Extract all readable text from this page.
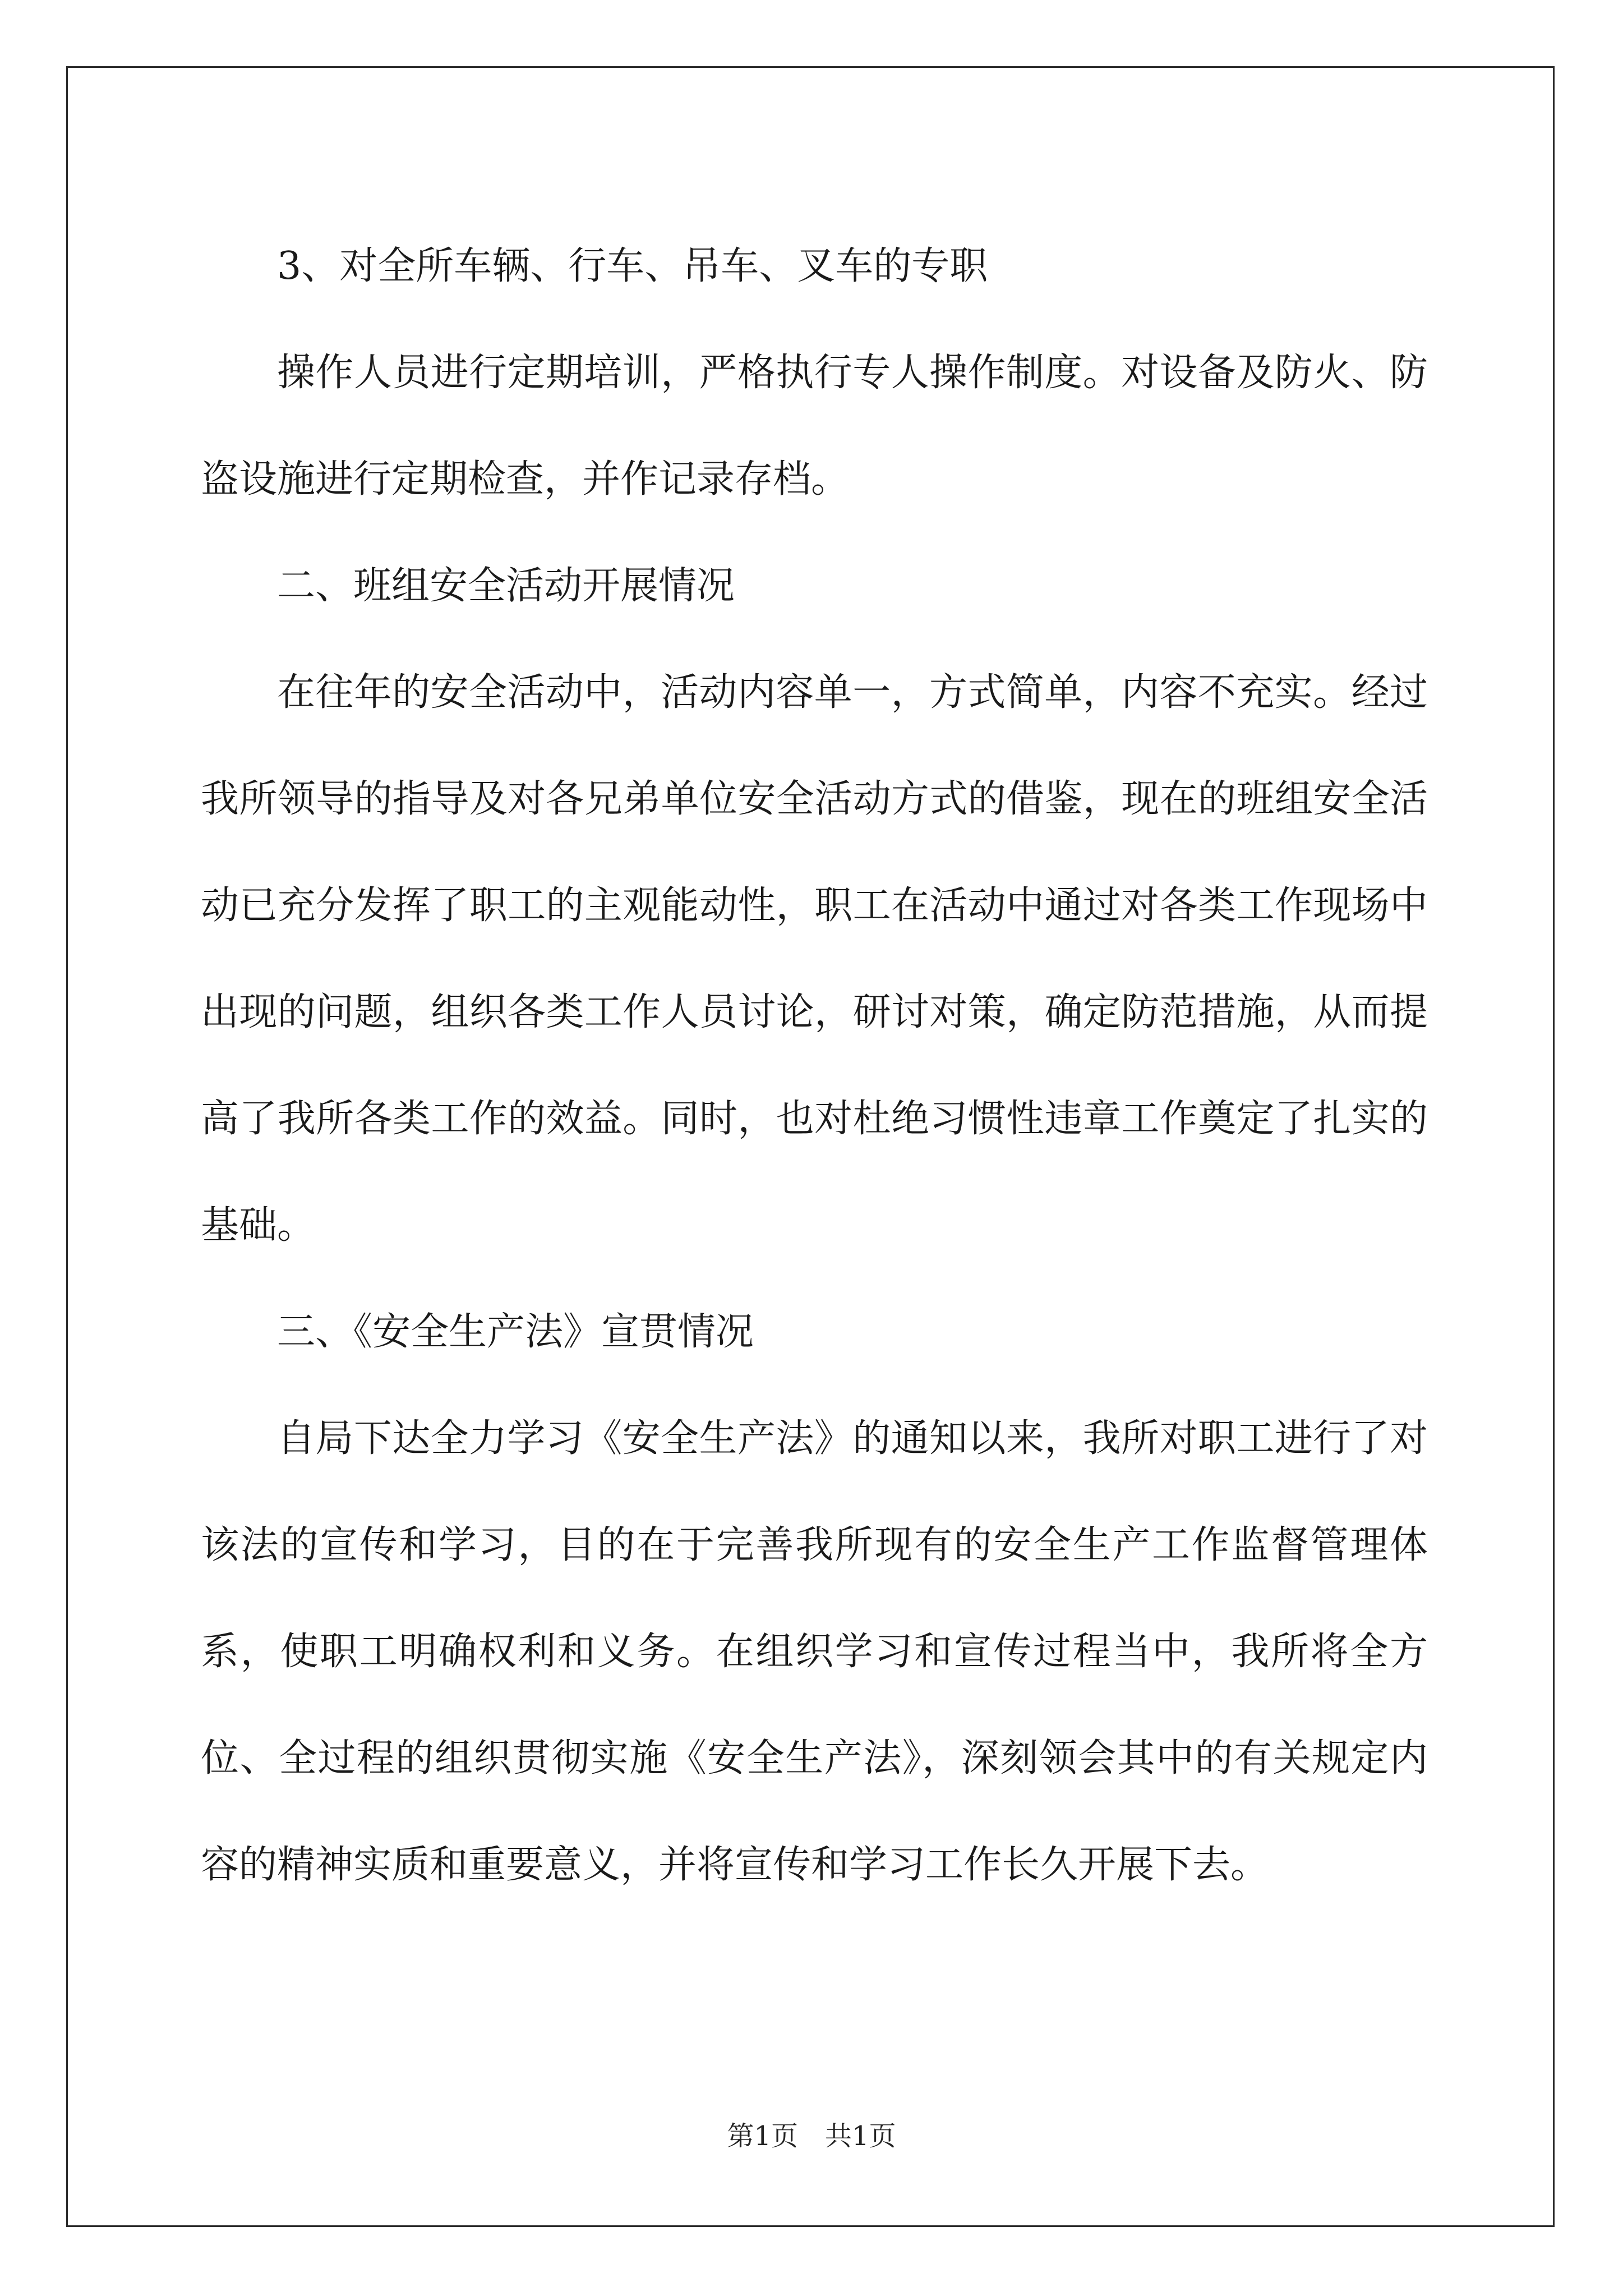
3、对全所车辆、行车、吊车、叉车的专职

操作人员进行定期培训，严格执行专人操作制度。对设备及防火、防盗设施进行定期检查，并作记录存档。

二、班组安全活动开展情况

在往年的安全活动中，活动内容单一，方式简单，内容不充实。经过我所领导的指导及对各兄弟单位安全活动方式的借鉴，现在的班组安全活动已充分发挥了职工的主观能动性，职工在活动中通过对各类工作现场中出现的问题，组织各类工作人员讨论，研讨对策，确定防范措施，从而提高了我所各类工作的效益。同时，也对杜绝习惯性违章工作奠定了扎实的基础。

三、《安全生产法》宣贯情况

自局下达全力学习《安全生产法》的通知以来，我所对职工进行了对该法的宣传和学习，目的在于完善我所现有的安全生产工作监督管理体系，使职工明确权利和义务。在组织学习和宣传过程当中，我所将全方位、全过程的组织贯彻实施《安全生产法》，深刻领会其中的有关规定内容的精神实质和重要意义，并将宣传和学习工作长久开展下去。

第1页　共1页
